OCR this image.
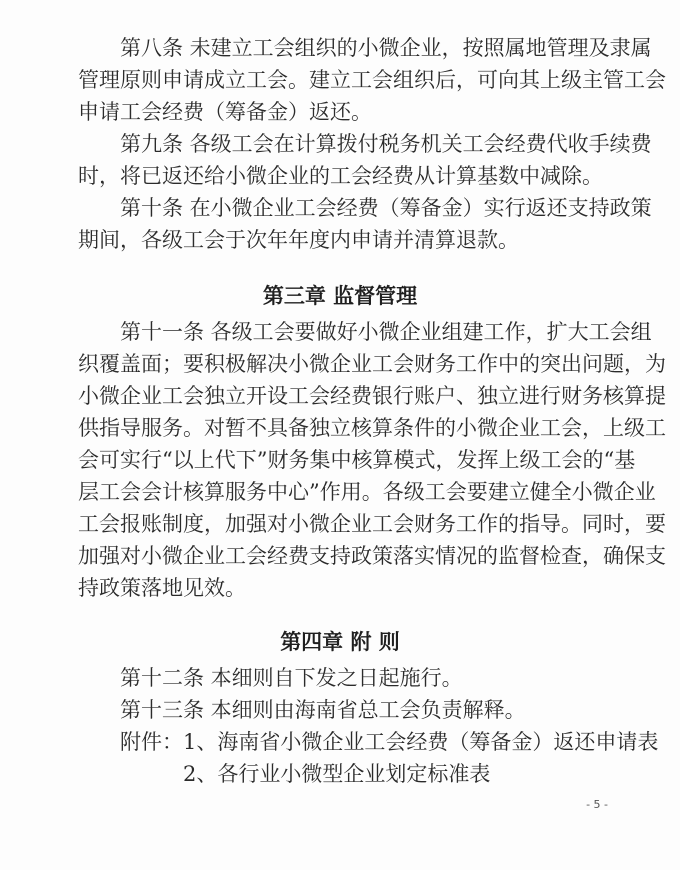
第八条 未建立工会组织的小微企业，按照属地管理及隶属
管理原则申请成立工会。建立工会组织后，可向其上级主管工会
申请工会经费（筹备金）返还。
第九条 各级工会在计算拨付税务机关工会经费代收手续费
时，将已返还给小微企业的工会经费从计算基数中减除。
第十条 在小微企业工会经费（筹备金）实行返还支持政策
期间，各级工会于次年年度内申请并清算退款。
第三章 监督管理
第十一条 各级工会要做好小微企业组建工作，扩大工会组
织覆盖面；要积极解决小微企业工会财务工作中的突出问题，为
小微企业工会独立开设工会经费银行账户、独立进行财务核算提
供指导服务。对暂不具备独立核算条件的小微企业工会，上级工
会可实行“以上代下”财务集中核算模式，发挥上级工会的“基
层工会会计核算服务中心”作用。各级工会要建立健全小微企业
工会报账制度，加强对小微企业工会财务工作的指导。同时，要
加强对小微企业工会经费支持政策落实情况的监督检查，确保支
持政策落地见效。
第四章 附 则
第十二条 本细则自下发之日起施行。
第十三条 本细则由海南省总工会负责解释。
附件：1、海南省小微企业工会经费（筹备金）返还申请表
2、各行业小微型企业划定标准表
- 5 -
